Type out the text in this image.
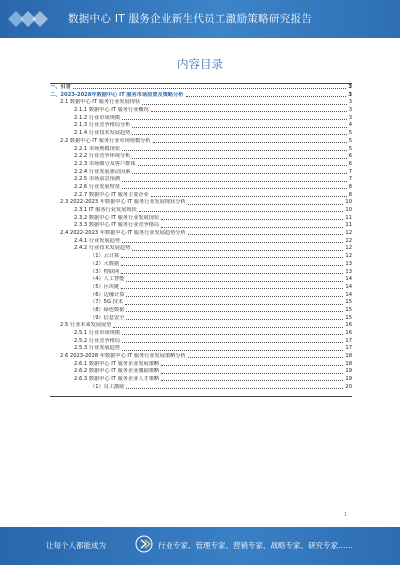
数据中心 IT 服务企业新生代员工激励策略研究报告
内容目录
一、引言	3
二、2023-2028年数据中心 IT 服务市场前景及策略分析	3
2.1 数据中心 IT 服务行业发展现状	3
2.1.1 数据中心 IT 服务行业概况	3
2.1.2 行业市场规模	3
2.1.3 行业竞争格局分析	4
2.1.4 行业技术发展趋势	5
2.2 数据中心 IT 服务行业市场规模分析	5
2.2.1 市场规模现状	5
2.2.2 行业竞争环境分析	6
2.2.3 市场细分及客户群体	6
2.2.4 行业发展驱动因素	7
2.2.5 市场前景预测	7
2.2.6 行业发展壁垒	8
2.2.7 数据中心 IT 服务主要企业	8
2.3 2022-2023 年数据中心 IT 服务行业发展现状分析	10
2.3.1 IT 服务行业发展现状	10
2.3.2 数据中心 IT 服务行业发展现状	11
2.3.3 数据中心 IT 服务行业竞争格局	11
2.4 2022-2023 年数据中心 IT 服务行业发展趋势分析	12
2.4.1 行业发展趋势	12
2.4.2 行业技术发展趋势	12
（1）云计算	12
（2）大数据	13
（3）物联网	13
（4）人工智能	14
（5）区块链	14
（6）边缘计算	14
（7）5G 技术	15
（8）绿色数据	15
（9）信息安全	15
2.5 行业未来发展展望	16
2.5.1 行业市场规模	16
2.5.2 行业竞争格局	17
2.5.3 行业发展趋势	17
2.6 2023-2028 年数据中心 IT 服务行业发展策略分析	18
2.6.1 数据中心 IT 服务企业发展策略	18
2.6.2 数据中心 IT 服务企业激励策略	19
2.6.3 数据中心 IT 服务企业人才策略	19
（1）员工激励	20
1
让每个人都能成为	行业专家、管理专家、营销专家、战略专家、研究专家……
